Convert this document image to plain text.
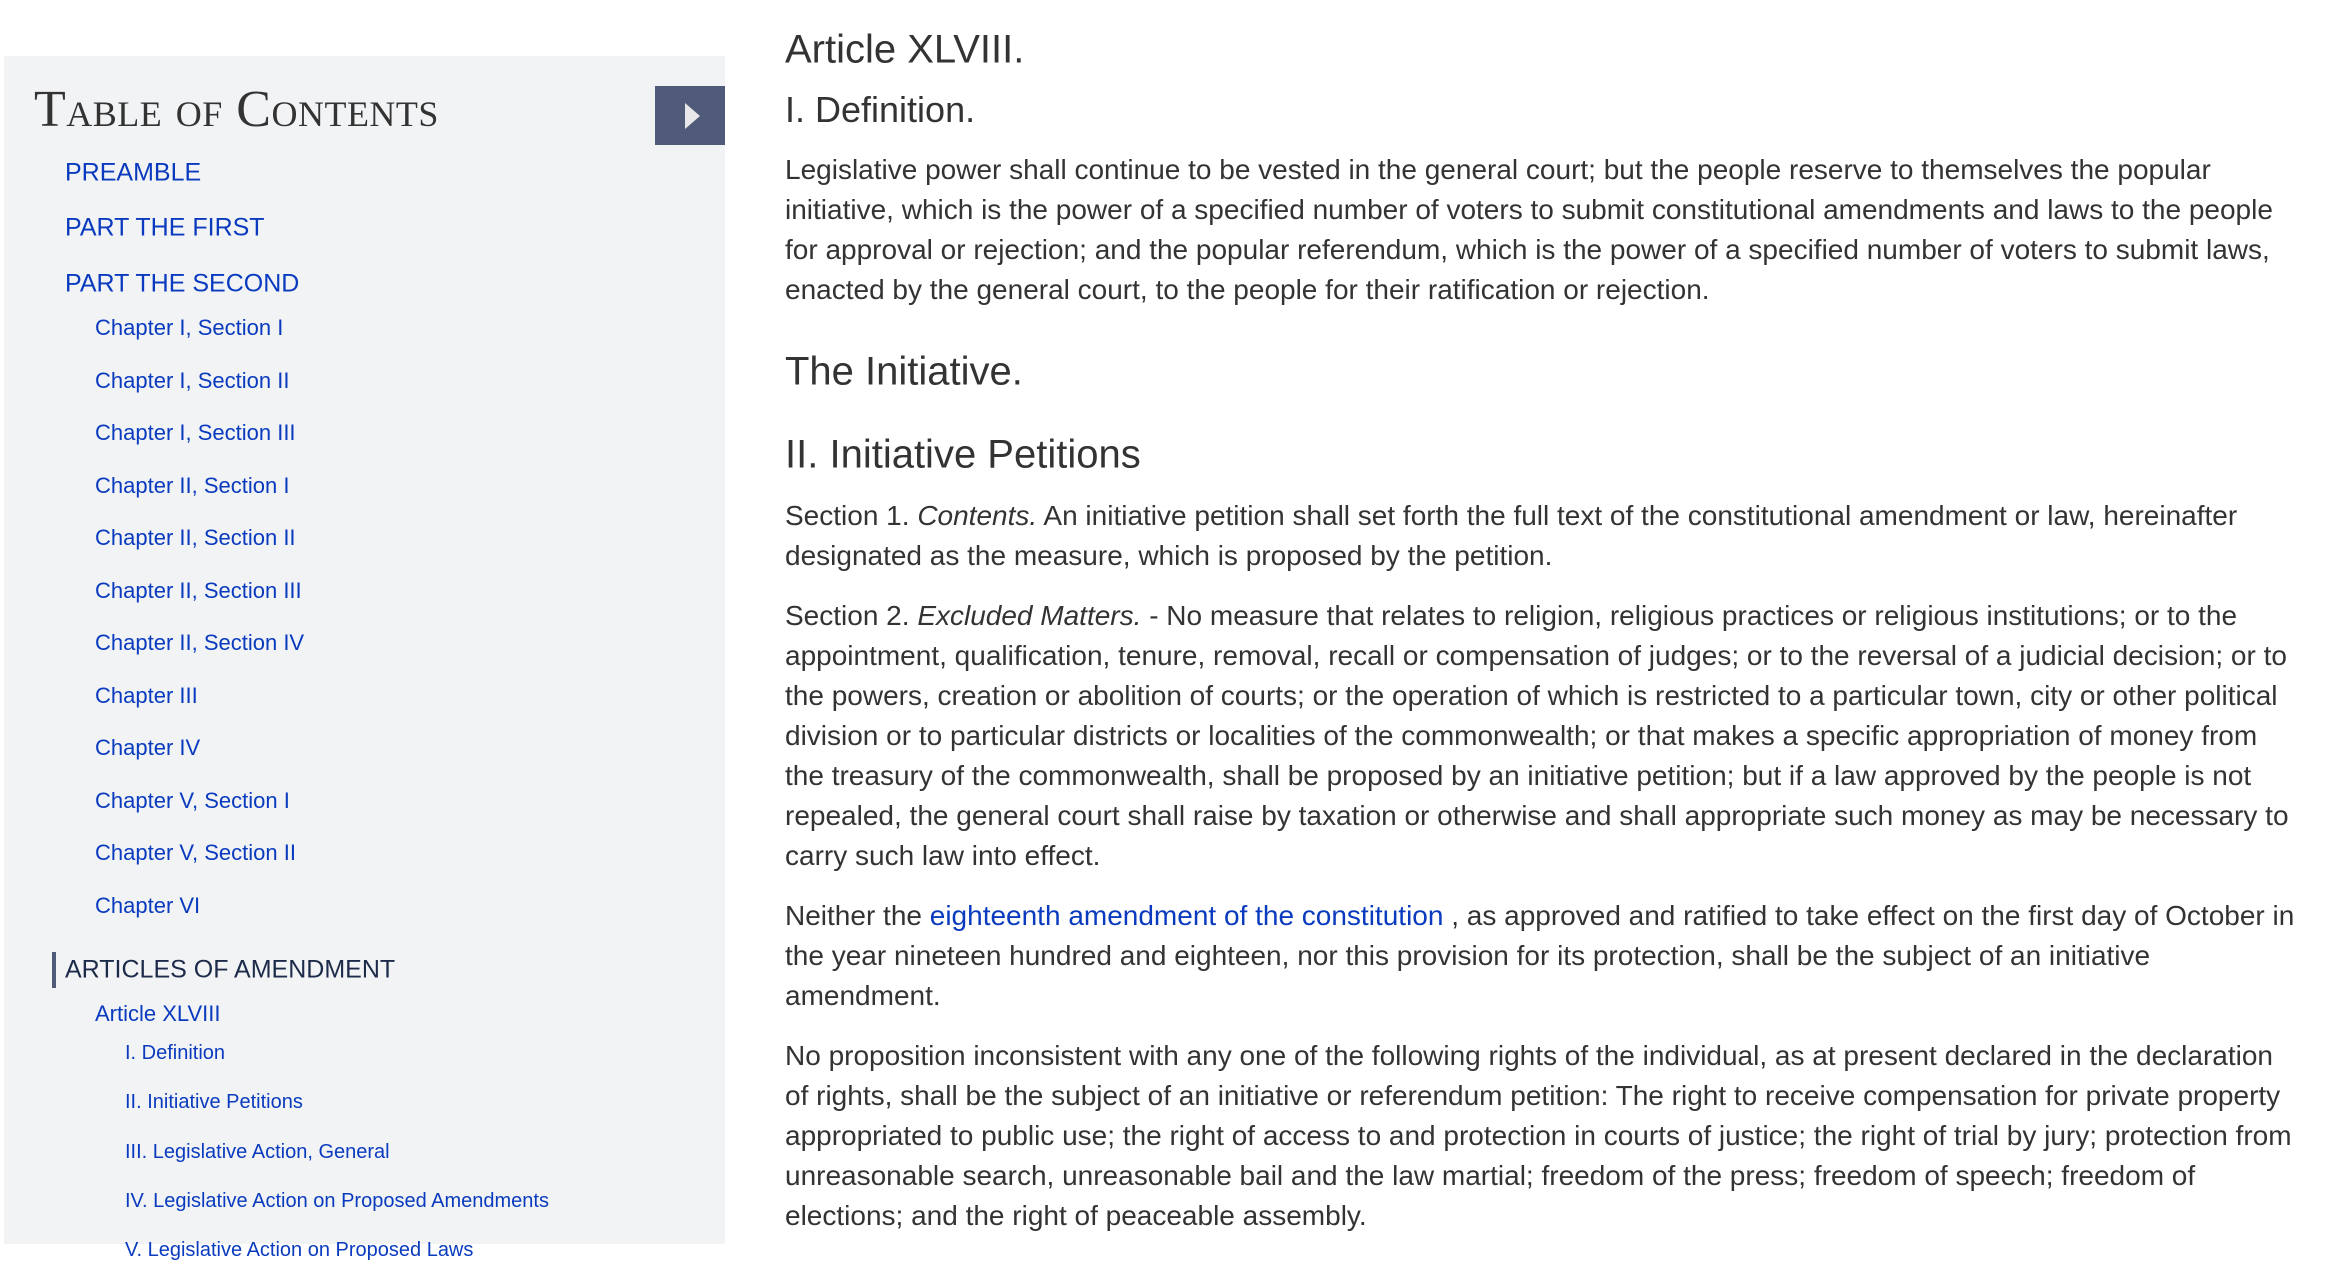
Table of Contents
PREAMBLE
PART THE FIRST
PART THE SECOND
Chapter I, Section I
Chapter I, Section II
Chapter I, Section III
Chapter II, Section I
Chapter II, Section II
Chapter II, Section III
Chapter II, Section IV
Chapter III
Chapter IV
Chapter V, Section I
Chapter V, Section II
Chapter VI
ARTICLES OF AMENDMENT
Article XLVIII
I. Definition
II. Initiative Petitions
III. Legislative Action, General
IV. Legislative Action on Proposed Amendments
V. Legislative Action on Proposed Laws
Article XLVIII.
I. Definition.

Legislative power shall continue to be vested in the general court; but the people reserve to themselves the popular initiative, which is the power of a specified number of voters to submit constitutional amendments and laws to the people for approval or rejection; and the popular referendum, which is the power of a specified number of voters to submit laws, enacted by the general court, to the people for their ratification or rejection.

The Initiative.
II. Initiative Petitions

Section 1. Contents. An initiative petition shall set forth the full text of the constitutional amendment or law, hereinafter designated as the measure, which is proposed by the petition.

Section 2. Excluded Matters. - No measure that relates to religion, religious practices or religious institutions; or to the appointment, qualification, tenure, removal, recall or compensation of judges; or to the reversal of a judicial decision; or to the powers, creation or abolition of courts; or the operation of which is restricted to a particular town, city or other political division or to particular districts or localities of the commonwealth; or that makes a specific appropriation of money from the treasury of the commonwealth, shall be proposed by an initiative petition; but if a law approved by the people is not repealed, the general court shall raise by taxation or otherwise and shall appropriate such money as may be necessary to carry such law into effect.

Neither the eighteenth amendment of the constitution , as approved and ratified to take effect on the first day of October in the year nineteen hundred and eighteen, nor this provision for its protection, shall be the subject of an initiative amendment.

No proposition inconsistent with any one of the following rights of the individual, as at present declared in the declaration of rights, shall be the subject of an initiative or referendum petition: The right to receive compensation for private property appropriated to public use; the right of access to and protection in courts of justice; the right of trial by jury; protection from unreasonable search, unreasonable bail and the law martial; freedom of the press; freedom of speech; freedom of elections; and the right of peaceable assembly.
